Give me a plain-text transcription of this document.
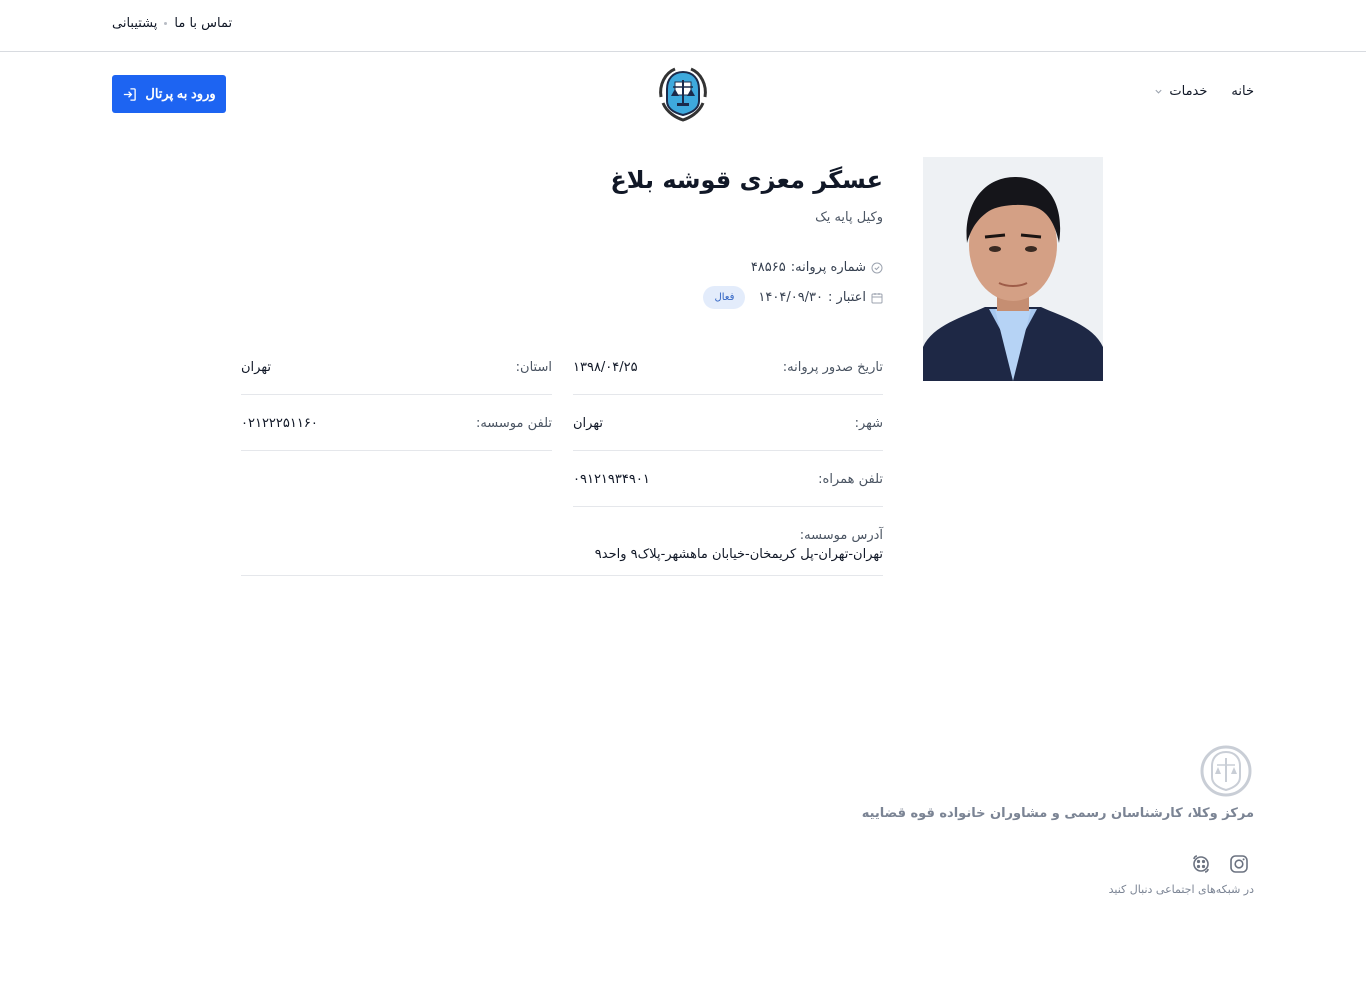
پشتیبانی تماس با ما
خانه
خدمات
ورود به پرتال
عسگر معزی قوشه بلاغ
وکیل پایه یک
شماره پروانه:
۴۸۵۶۵
اعتبار :
۱۴۰۴/۰۹/۳۰
فعال
تاریخ صدور پروانه:
۱۳۹۸/۰۴/۲۵
استان:
تهران
شهر:
تهران
تلفن موسسه:
۰۲۱۲۲۲۵۱۱۶۰
تلفن همراه:
۰۹۱۲۱۹۳۴۹۰۱
آدرس موسسه:
تهران-تهران-پل کریمخان-خیابان ماهشهر-پلاک۹ واحد۹
مرکز وکلا، کارشناسان رسمی و مشاوران خانواده قوه قضاییه
در شبکه‌های اجتماعی دنبال کنید
